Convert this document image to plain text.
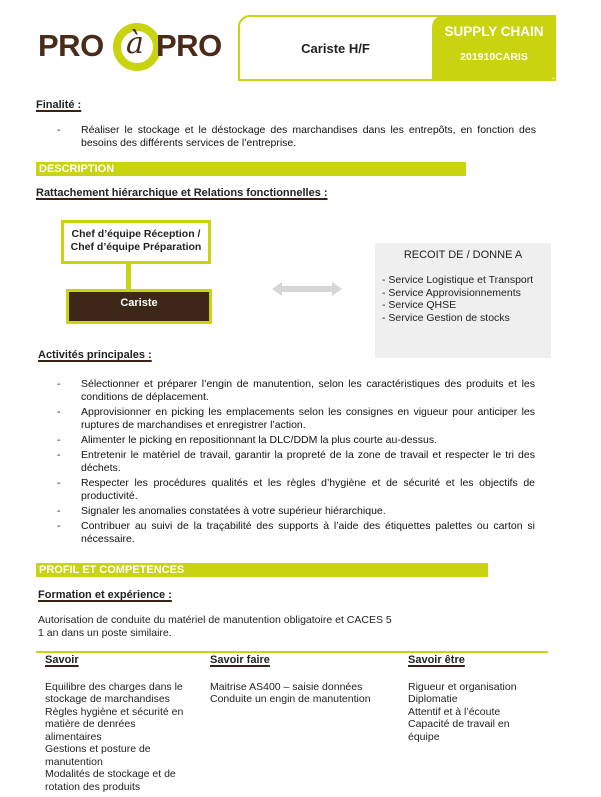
PRO à PRO	Cariste H/F
SUPPLY CHAIN
201910CARIS
Finalité :
- Réaliser le stockage et le déstockage des marchandises dans les entrepôts, en fonction des besoins des différents services de l’entreprise.
DESCRIPTION
Rattachement hiérarchique et Relations fonctionnelles :
Chef d’équipe Réception /
Chef d’équipe Préparation
Cariste
RECOIT DE / DONNE A
- Service Logistique et Transport
- Service Approvisionnements
- Service QHSE
- Service Gestion de stocks
Activités principales :
- Sélectionner et préparer l’engin de manutention, selon les caractéristiques des produits et les conditions de déplacement.
- Approvisionner en picking les emplacements selon les consignes en vigueur pour anticiper les ruptures de marchandises et enregistrer l’action.
- Alimenter le picking en repositionnant la DLC/DDM la plus courte au-dessus.
- Entretenir le matériel de travail, garantir la propreté de la zone de travail et respecter le tri des déchets.
- Respecter les procédures qualités et les règles d’hygiène et de sécurité et les objectifs de productivité.
- Signaler les anomalies constatées à votre supérieur hiérarchique.
- Contribuer au suivi de la traçabilité des supports à l’aide des étiquettes palettes ou carton si nécessaire.
PROFIL ET COMPETENCES
Formation et expérience :
Autorisation de conduite du matériel de manutention obligatoire et CACES 5
1 an dans un poste similaire.
Savoir
Equilibre des charges dans le
stockage de marchandises
Règles hygiène et sécurité en
matière de denrées
alimentaires
Gestions et posture de
manutention
Modalités de stockage et de
rotation des produits
Savoir faire
Maitrise AS400 – saisie données
Conduite un engin de manutention
Savoir être
Rigueur et organisation
Diplomatie
Attentif et à l’écoute
Capacité de travail en
équipe
